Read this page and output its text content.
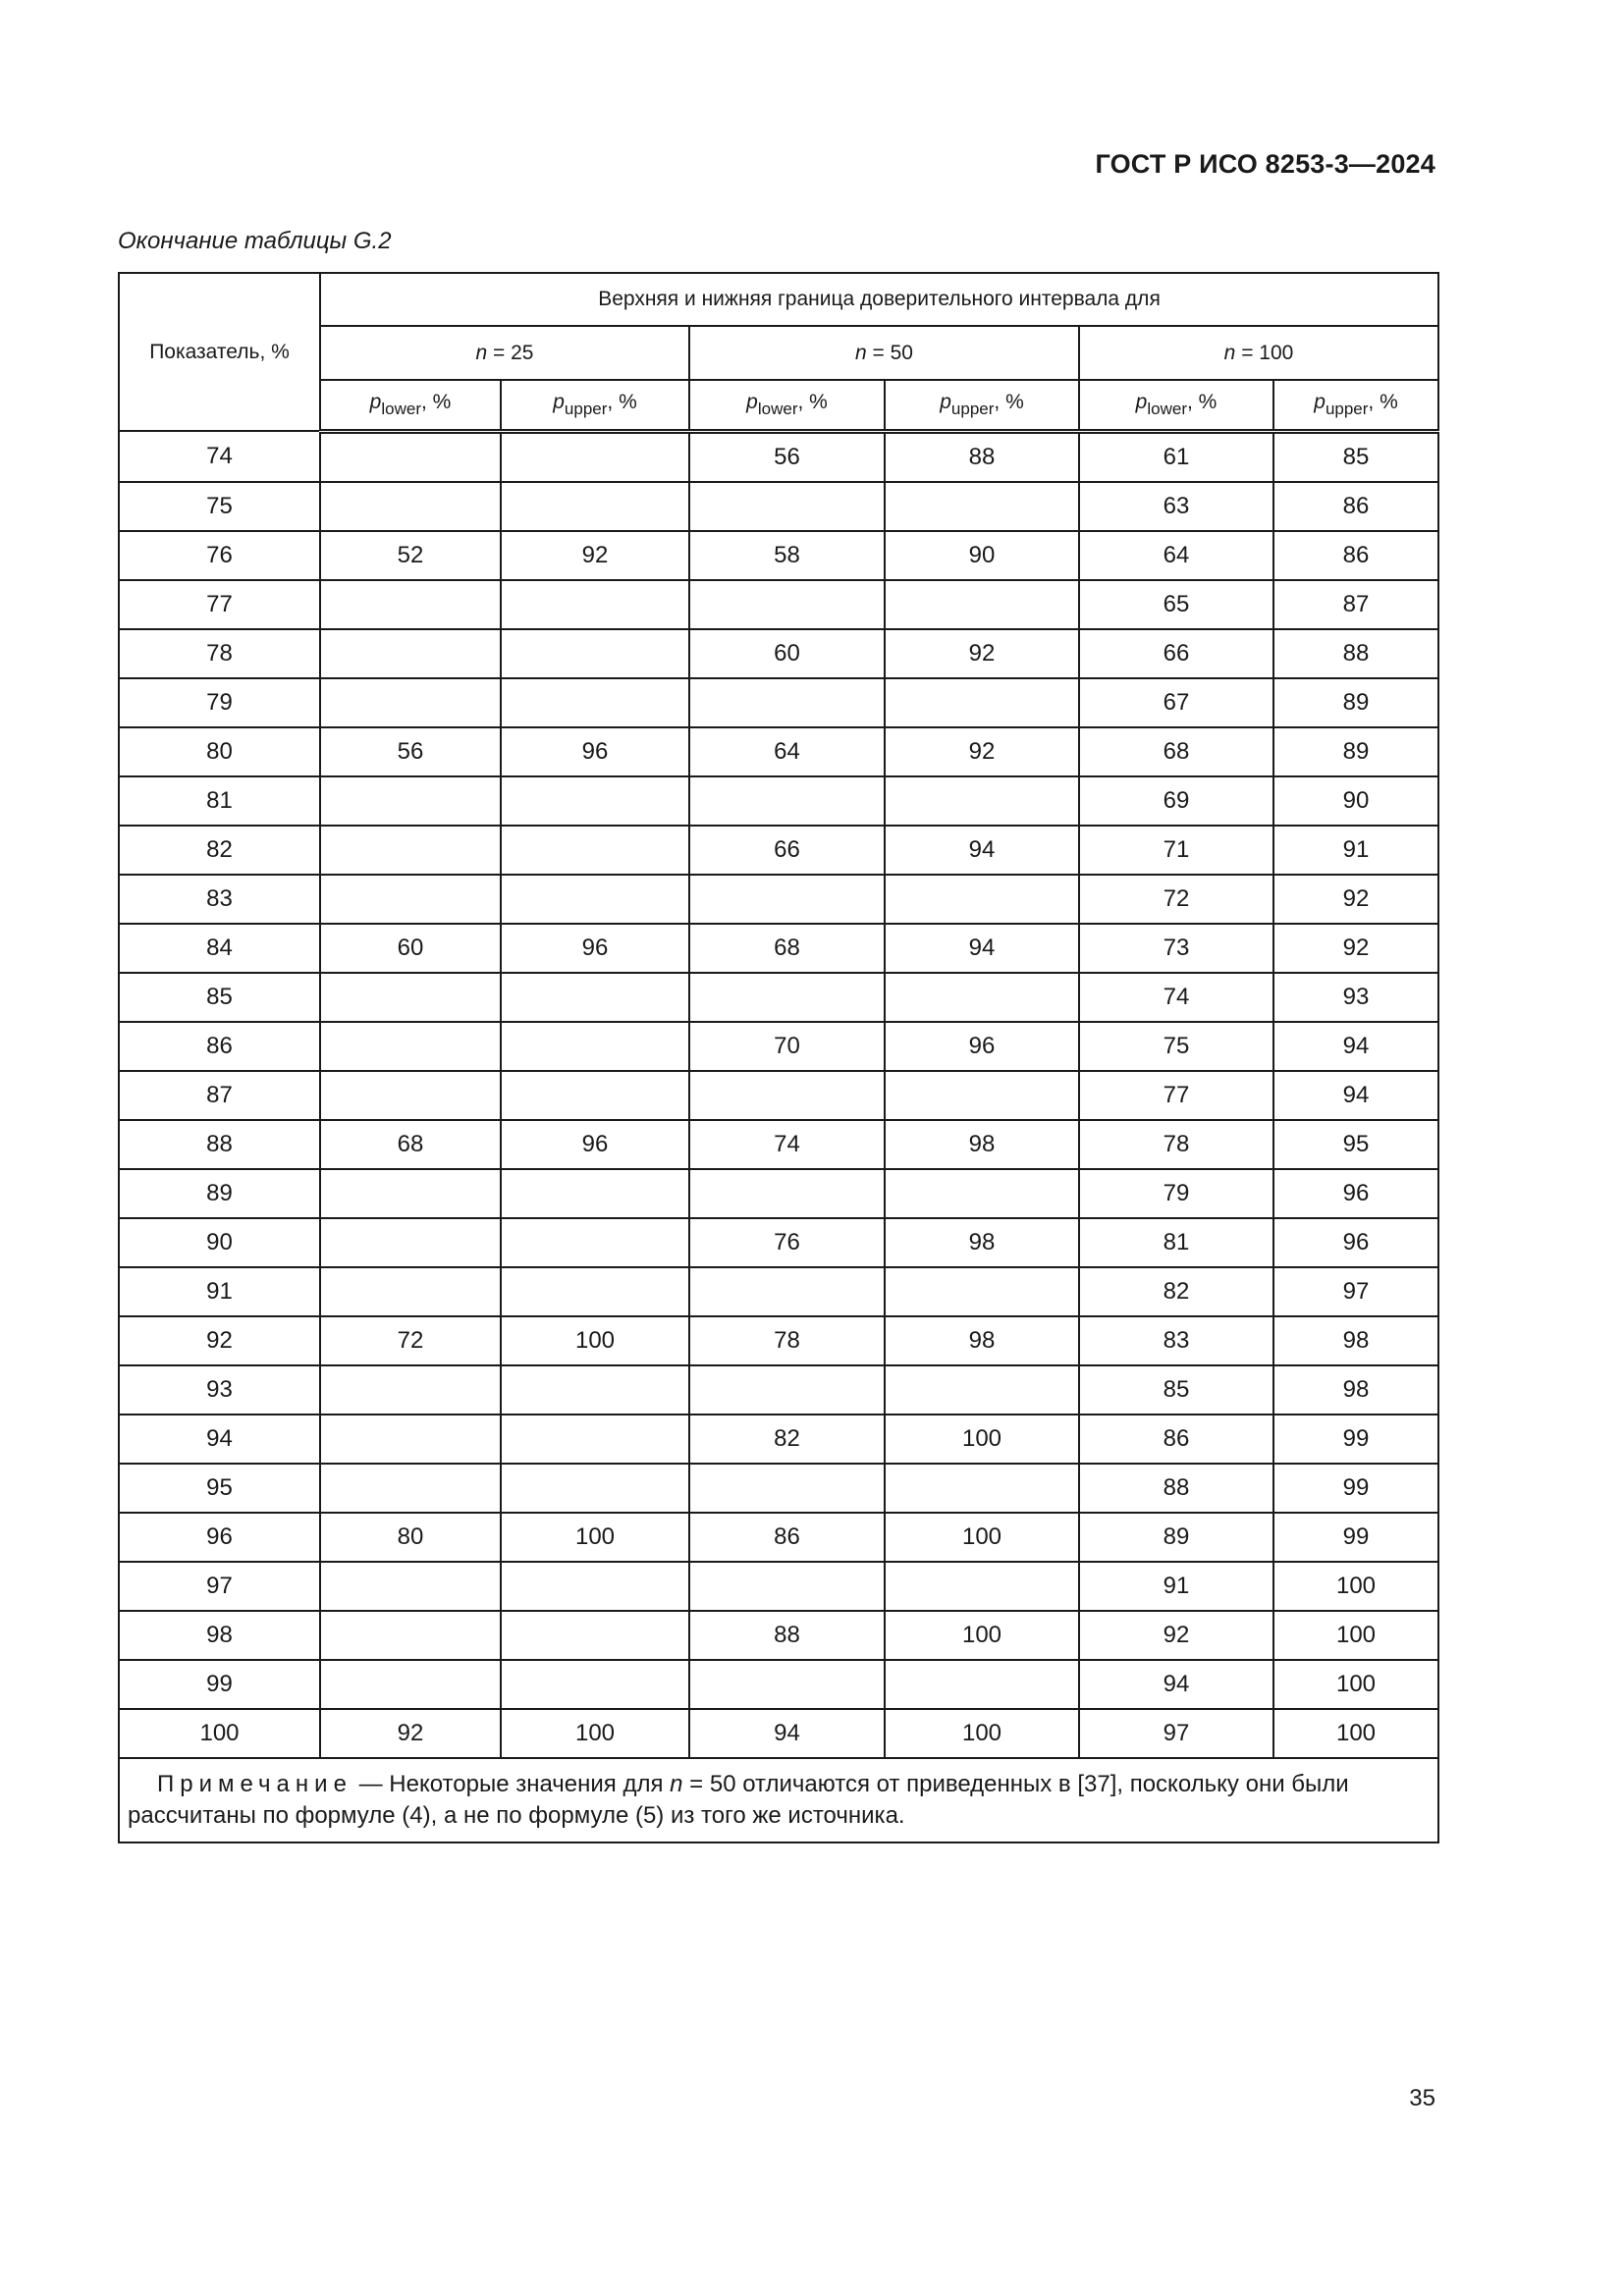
ГОСТ Р ИСО 8253-3—2024
Окончание таблицы G.2
Показатель, %	Верхняя и нижняя граница доверительного интервала для					
	n = 25		n = 50		n = 100	
	$p_{lower}$, %	$p_{upper}$, %	$p_{lower}$, %	$p_{upper}$, %	$p_{lower}$, %	$p_{upper}$, %
74			56	88	61	85
75					63	86
76	52	92	58	90	64	86
77					65	87
78			60	92	66	88
79					67	89
80	56	96	64	92	68	89
81					69	90
82			66	94	71	91
83					72	92
84	60	96	68	94	73	92
85					74	93
86			70	96	75	94
87					77	94
88	68	96	74	98	78	95
89					79	96
90			76	98	81	96
91					82	97
92	72	100	78	98	83	98
93					85	98
94			82	100	86	99
95					88	99
96	80	100	86	100	89	99
97					91	100
98			88	100	92	100
99					94	100
100	92	100	94	100	97	100
Примечание — Некоторые значения для n = 50 отличаются от приведенных в [37], поскольку они были рассчитаны по формуле (4), а не по формуле (5) из того же источника.						
35
